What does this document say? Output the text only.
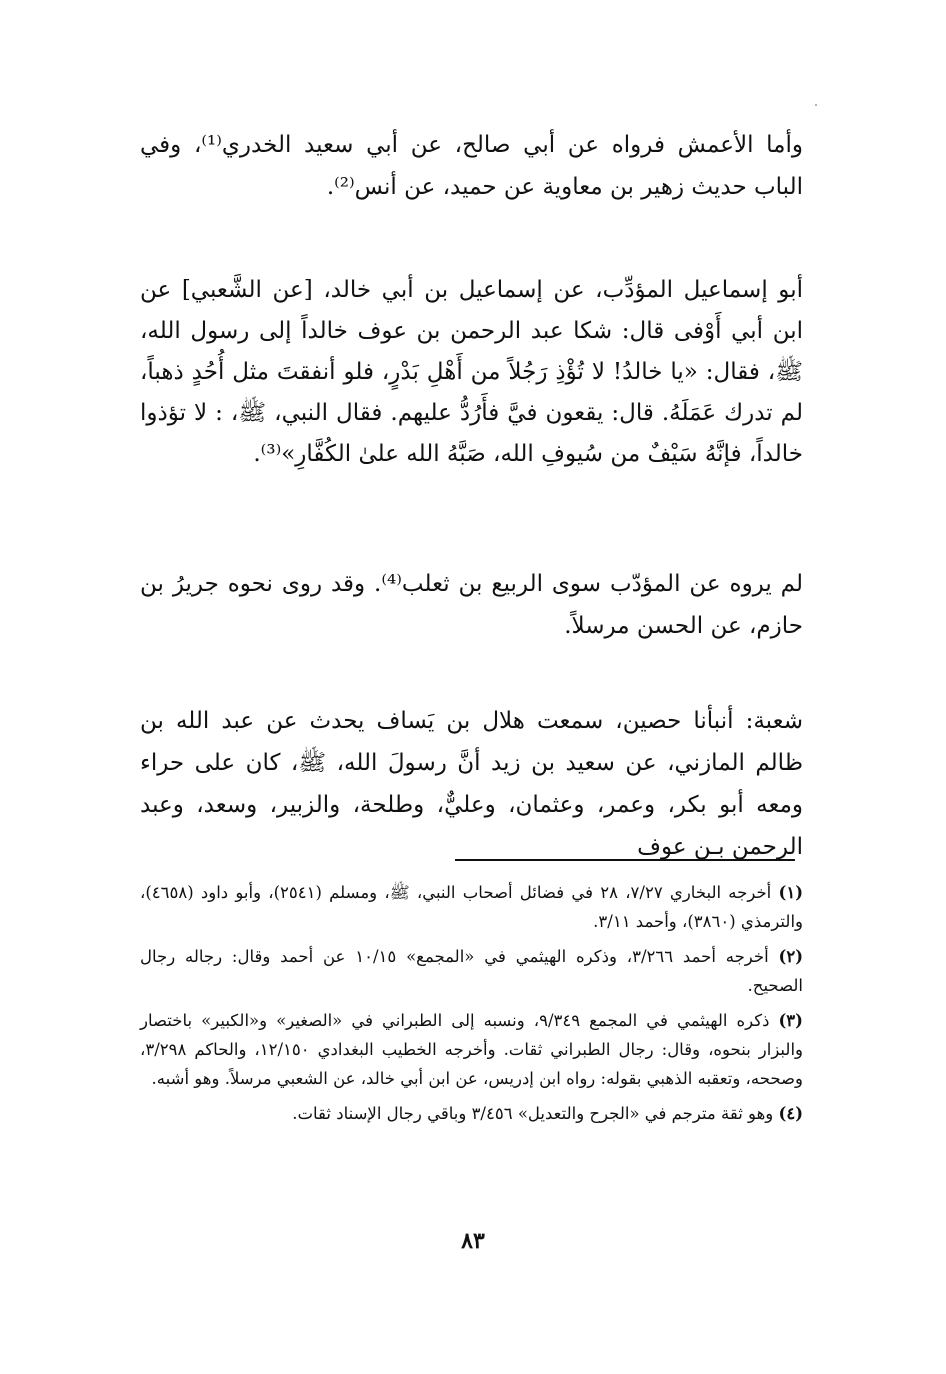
وأما الأعمش فرواه عن أبي صالح، عن أبي سعيد الخدري⁽¹⁾، وفي الباب حديث زهير بن معاوية عن حميد، عن أنس⁽²⁾.

أبو إسماعيل المؤدِّب، عن إسماعيل بن أبي خالد، [عن الشَّعبي] عن ابن أبي أَوْفى قال: شكا عبد الرحمن بن عوف خالداً إلى رسول الله، ﷺ، فقال: «يا خالدُ! لا تُؤْذِ رَجُلاً من أَهْلِ بَدْرٍ، فلو أنفقتَ مثل أُحُدٍ ذهباً، لم تدرك عَمَلَهُ. قال: يقعون فيَّ فأَرُدُّ عليهم. فقال النبي، ﷺ، : لا تؤذوا خالداً، فإنَّهُ سَيْفٌ من سُيوفِ الله، صَبَّهُ الله علىٰ الكُفَّارِ»⁽³⁾.

لم يروه عن المؤدّب سوى الربيع بن ثعلب⁽⁴⁾. وقد روى نحوه جريرُ بن حازم، عن الحسن مرسلاً.

شعبة: أنبأنا حصين، سمعت هلال بن يَساف يحدث عن عبد الله بن ظالم المازني، عن سعيد بن زيد أنَّ رسولَ الله، ﷺ، كان على حراء ومعه أبو بكر، وعمر، وعثمان، وعليٌّ، وطلحة، والزبير، وسعد، وعبد الرحمن بـن عوف

(١) أخرجه البخاري ٧/٢٧، ٢٨ في فضائل أصحاب النبي، ﷺ، ومسلم (٢٥٤١)، وأبو داود (٤٦٥٨)، والترمذي (٣٨٦٠)، وأحمد ٣/١١.

(٢) أخرجه أحمد ٣/٢٦٦، وذكره الهيثمي في «المجمع» ١٠/١٥ عن أحمد وقال: رجاله رجال الصحيح.

(٣) ذكره الهيثمي في المجمع ٩/٣٤٩، ونسبه إلى الطبراني في «الصغير» و«الكبير» باختصار والبزار بنحوه، وقال: رجال الطبراني ثقات. وأخرجه الخطيب البغدادي ١٢/١٥٠، والحاكم ٣/٢٩٨، وصححه، وتعقبه الذهبي بقوله: رواه ابن إدريس، عن ابن أبي خالد، عن الشعبي مرسلاً. وهو أشبه.

(٤) وهو ثقة مترجم في «الجرح والتعديل» ٣/٤٥٦ وباقي رجال الإسناد ثقات.

٨٣
